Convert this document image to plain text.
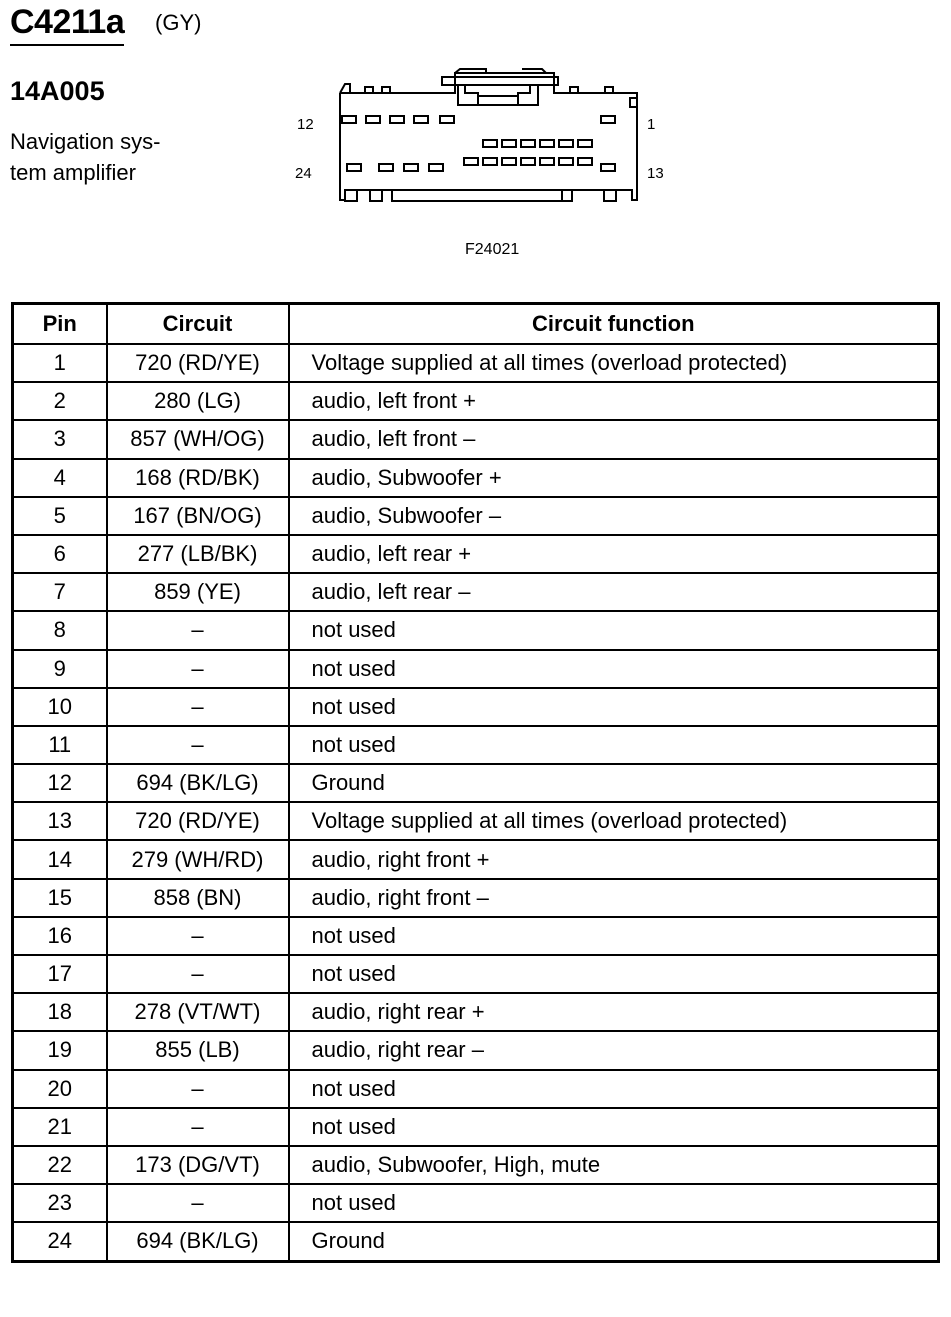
C4211a (GY)
14A005
Navigation sys-
tem amplifier
12	1
24	13
F24021
Pin	Circuit	Circuit function
1	720 (RD/YE)	Voltage supplied at all times (overload protected)
2	280 (LG)	audio, left front +
3	857 (WH/OG)	audio, left front –
4	168 (RD/BK)	audio, Subwoofer +
5	167 (BN/OG)	audio, Subwoofer –
6	277 (LB/BK)	audio, left rear +
7	859 (YE)	audio, left rear –
8	–	not used
9	–	not used
10	–	not used
11	–	not used
12	694 (BK/LG)	Ground
13	720 (RD/YE)	Voltage supplied at all times (overload protected)
14	279 (WH/RD)	audio, right front +
15	858 (BN)	audio, right front –
16	–	not used
17	–	not used
18	278 (VT/WT)	audio, right rear +
19	855 (LB)	audio, right rear –
20	–	not used
21	–	not used
22	173 (DG/VT)	audio, Subwoofer, High, mute
23	–	not used
24	694 (BK/LG)	Ground
